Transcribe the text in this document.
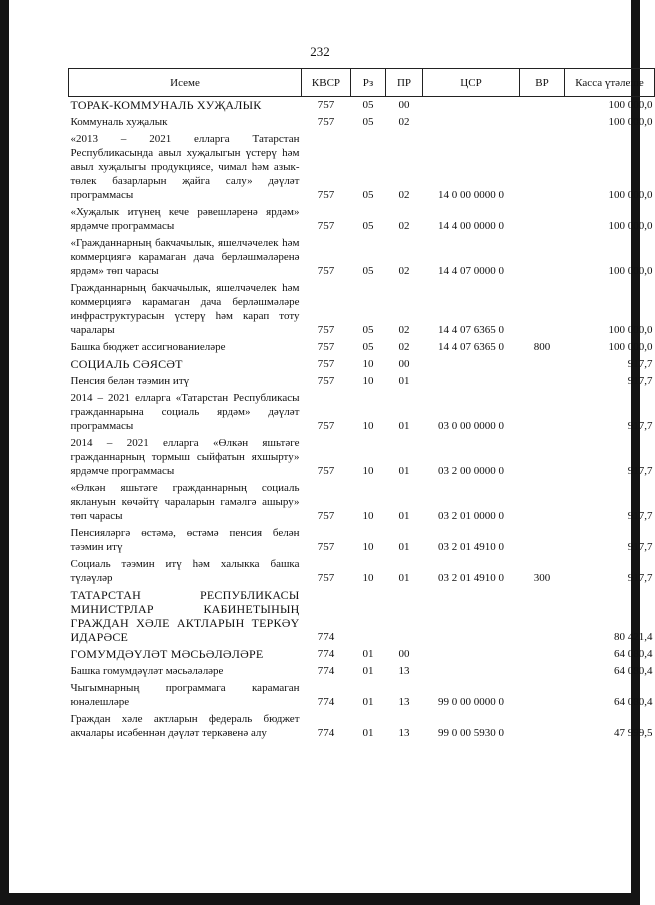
232
Исеме	КВСР	Рз	ПР	ЦСР	ВР	Касса үтәлеше
ТОРАК-КОММУНАЛЬ ХУҖАЛЫК	757	05	00			100 000,0
Коммуналь хуҗалык	757	05	02			100 000,0
«2013 – 2021 елларга Татарстан Республикасында авыл хуҗалыгын үстерү һәм авыл хуҗалыгы продукциясе, чимал һәм азык-төлек базарларын җайга салу» дәүләт программасы	757	05	02	14 0 00 0000 0		100 000,0
«Хуҗалык итүнең кече рәвешләренә ярдәм» ярдәмче программасы	757	05	02	14 4 00 0000 0		100 000,0
«Гражданнарның бакчачылык, яшелчәчелек һәм коммерциягә карамаган дача берләшмәләренә ярдәм» төп чарасы	757	05	02	14 4 07 0000 0		100 000,0
Гражданнарның бакчачылык, яшелчәчелек һәм коммерциягә карамаган дача берләшмәләре инфраструктурасын үстерү һәм карап тоту чаралары	757	05	02	14 4 07 6365 0		100 000,0
Башка бюджет ассигнованиеләре	757	05	02	14 4 07 6365 0	800	100 000,0
СОЦИАЛЬ СӘЯСӘТ	757	10	00			917,7
Пенсия белән тәэмин итү	757	10	01			917,7
2014 – 2021 елларга «Татарстан Республикасы гражданнарына социаль ярдәм» дәүләт программасы	757	10	01	03 0 00 0000 0		917,7
2014 – 2021 елларга «Өлкән яшьтәге гражданнарның тормыш сыйфатын яхшырту» ярдәмче программасы	757	10	01	03 2 00 0000 0		917,7
«Өлкән яшьтәге гражданнарның социаль яклануын көчәйтү чараларын гамәлгә ашыру» төп чарасы	757	10	01	03 2 01 0000 0		917,7
Пенсияләргә өстәмә, өстәмә пенсия белән тәэмин итү	757	10	01	03 2 01 4910 0		917,7
Социаль тәэмин итү һәм халыкка башка түләүләр	757	10	01	03 2 01 4910 0	300	917,7
ТАТАРСТАН РЕСПУБЛИКАСЫ МИНИСТРЛАР КАБИНЕТЫНЫҢ ГРАЖДАН ХӘЛЕ АКТЛАРЫН ТЕРКӘҮ ИДАРӘСЕ	774					80 421,4
ГОМУМДӘҮЛӘТ МӘСЬӘЛӘЛӘРЕ	774	01	00			64 080,4
Башка гомумдәүләт мәсьәләләре	774	01	13			64 080,4
Чыгымнарның программага карамаган юнәлешләре	774	01	13	99 0 00 0000 0		64 080,4
Граждан хәле актларын федераль бюджет акчалары исәбеннән дәүләт теркәвенә алу	774	01	13	99 0 00 5930 0		47 999,5
